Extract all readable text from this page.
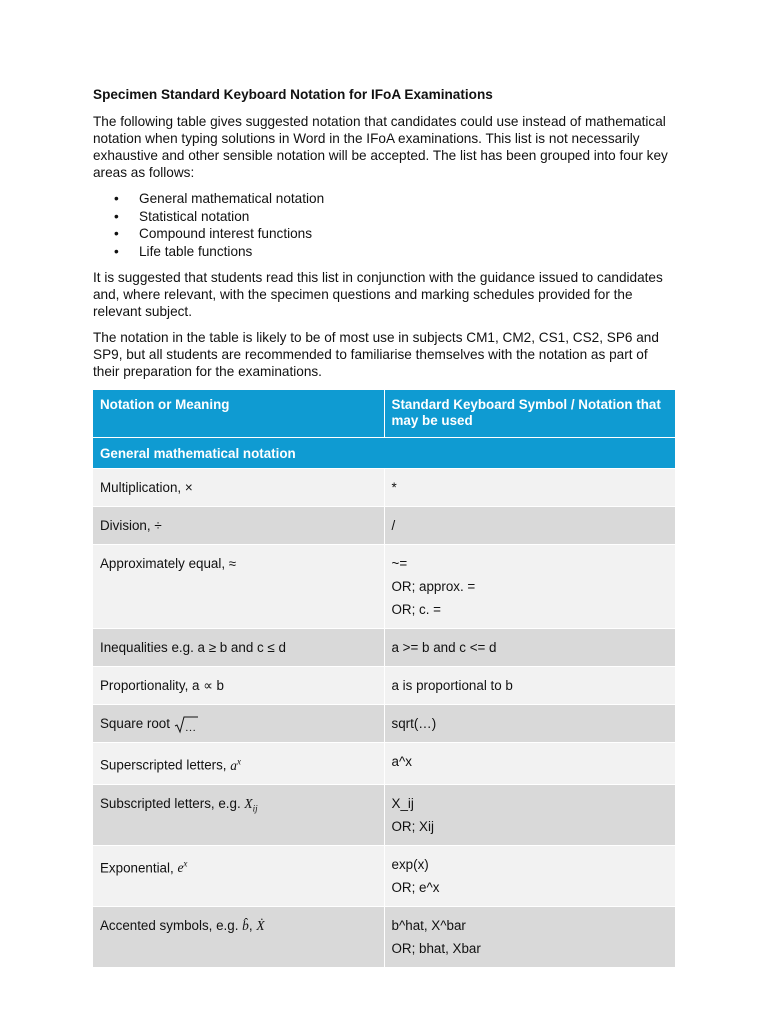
Specimen Standard Keyboard Notation for IFoA Examinations

The following table gives suggested notation that candidates could use instead of mathematical notation when typing solutions in Word in the IFoA examinations. This list is not necessarily exhaustive and other sensible notation will be accepted. The list has been grouped into four key areas as follows:

• General mathematical notation
• Statistical notation
• Compound interest functions
• Life table functions

It is suggested that students read this list in conjunction with the guidance issued to candidates and, where relevant, with the specimen questions and marking schedules provided for the relevant subject.

The notation in the table is likely to be of most use in subjects CM1, CM2, CS1, CS2, SP6 and SP9, but all students are recommended to familiarise themselves with the notation as part of their preparation for the examinations.

Notation or Meaning	Standard Keyboard Symbol / Notation that may be used
General mathematical notation	
Multiplication, ×	*

Division, ÷	/

Approximately equal, ≈	~=
OR; approx. =
OR; c. =

Inequalities e.g. a ≥ b and c ≤ d	a >= b and c <= d

Proportionality, a ∝ b	a is proportional to b

Square root …	sqrt(…)

Superscripted letters, $a^x$	a^x

Subscripted letters, e.g. $X_{ij}$	X_ij
OR; Xij

Exponential, $e^x$	exp(x)
OR; e^x

Accented symbols, e.g. b̂, Ẋ	b^hat, X^bar
OR; bhat, Xbar
